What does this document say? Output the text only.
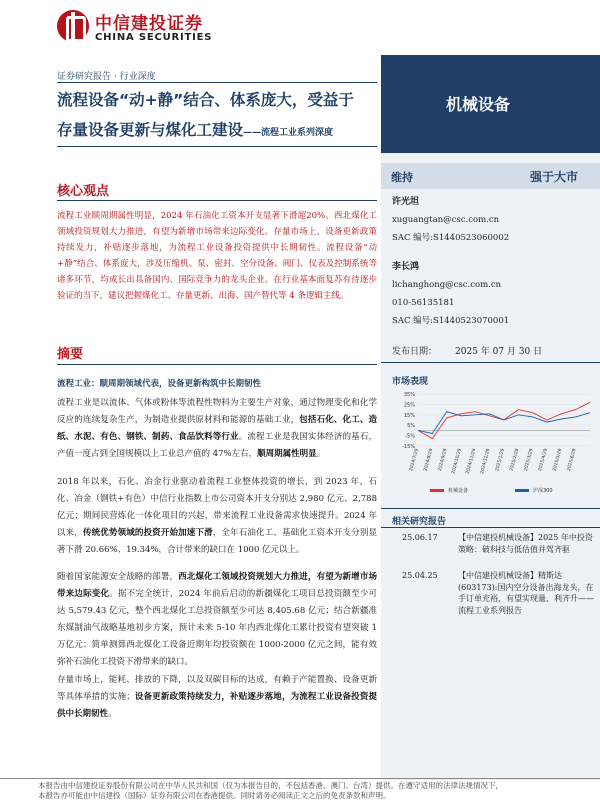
中信建投证券
CHINA SECURITIES
证券研究报告 · 行业深度
流程设备“动+静”结合、体系庞大，受益于
存量设备更新与煤化工建设——流程工业系列深度
机械设备
维持	强于大市
许光坦
xuguangtan@csc.com.cn
SAC 编号:S1440523060002
李长鸿
lichanghong@csc.com.cn
010-56135181
SAC 编号:S1440523070001
发布日期： 2025 年 07 月 30 日
市场表现
35%
25%
15%
5%
-5%
-15%
2024/7/29 2024/8/29 2024/9/29 2024/10/29 2024/11/29 2024/12/29 2025/1/29 2025/2/28 2025/3/29 2025/4/29 2025/5/29 2025/6/29
机械设备	沪深300
相关研究报告
25.06.17	【中信建投机械设备】2025 年中投资策略：破科技与低估值并驾齐驱
25.04.25	【中信建投机械设备】精斯达(603173):国内空分设备出海龙头，在手订单充裕，有望实现量、利齐升——流程工业系列报告
核心观点
流程工业顺周期属性明显，2024 年石油化工资本开支显著下滑超20%。西北煤化工领域投资规划大力推进，有望为新增市场带来边际变化。存量市场上，设备更新政策持续发力，补贴逐步落地，为流程工业设备投资提供中长期韧性。流程设备“动+静”结合、体系庞大，涉及压缩机、泵、密封、空分设备、阀门、仪表及控制系统等诸多环节，均成长出具备国内、国际竞争力的龙头企业。在行业基本面复苏有待逐步验证的当下，建议把握煤化工、存量更新、出海、国产替代等 4 条逻辑主线。
摘要
流程工业：顺周期领域代表，设备更新构筑中长期韧性
流程工业是以流体、气体或粉体等流程性物料为主要生产对象，通过物理变化和化学反应的连续复杂生产，为制造业提供原材料和能源的基础工业，包括石化、化工、造纸、水泥、有色、钢铁、制药、食品饮料等行业。流程工业是我国实体经济的基石，产值一度占到全国规模以上工业总产值的 47%左右，顺周期属性明显。
2018 年以来，石化、冶金行业驱动着流程工业整体投资的增长，到 2023 年，石化、冶金（钢铁+有色）中信行业指数上市公司资本开支分别达 2,980 亿元、2,788 亿元；期间民营炼化一体化项目的兴起，带来流程工业设备需求快速提升。2024 年以来，传统优势领域的投资开始加速下滑，全年石油化工、基础化工资本开支分别显著下滑 20.66%、19.34%，合计带来的缺口在 1000 亿元以上。
随着国家能源安全战略的部署，西北煤化工领域投资规划大力推进，有望为新增市场带来边际变化。据不完全统计，2024 年前后启动的新疆煤化工项目总投资额至少可达 5,579.43 亿元，整个西北煤化工总投资额至少可达 8,405.68 亿元；结合新疆准东煤制油气战略基地初步方案，预计未来 5-10 年内西北煤化工累计投资有望突破 1 万亿元；简单测算西北煤化工设备近期年均投资额在 1000-2000 亿元之间，能有效弥补石油化工投资下滑带来的缺口。
存量市场上，能耗、排放的下降，以及双碳目标的达成，有赖于产能置换、设备更新等具体举措的实施；设备更新政策持续发力，补贴逐步落地，为流程工业设备投资提供中长期韧性。
本报告由中信建投证券股份有限公司在中华人民共和国（仅为本报告目的，不包括香港、澳门、台湾）提供。在遵守适用的法律法规情况下，
本报告亦可能由中信建投（国际）证券有限公司在香港提供。同时请务必阅读正文之后的免责条款和声明。
